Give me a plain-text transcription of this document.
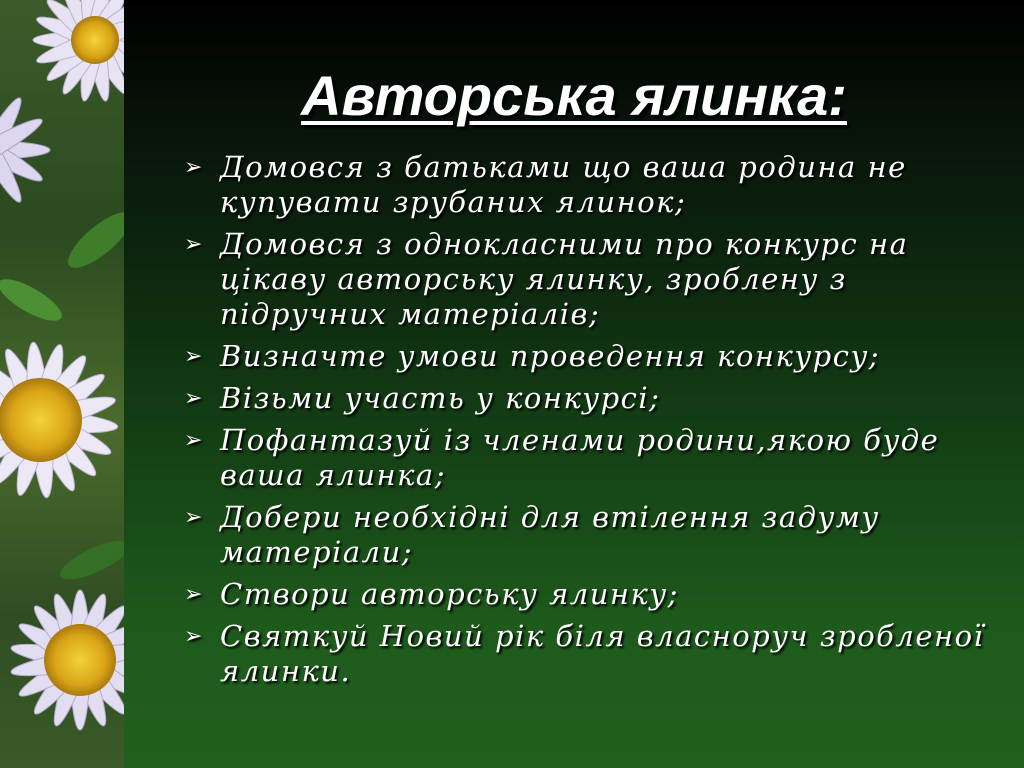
Авторська ялинка:
➢ Домовся з батьками що ваша родина не купувати зрубаних ялинок;
➢ Домовся з однокласними про конкурс на цікаву авторську ялинку, зроблену з підручних матеріалів;
➢ Визначте умови проведення конкурсу;
➢ Візьми участь у конкурсі;
➢ Пофантазуй із членами родини,якою буде ваша ялинка;
➢ Добери необхідні для втілення задуму матеріали;
➢ Створи авторську ялинку;
➢ Святкуй Новий рік біля власноруч зробленої ялинки.
